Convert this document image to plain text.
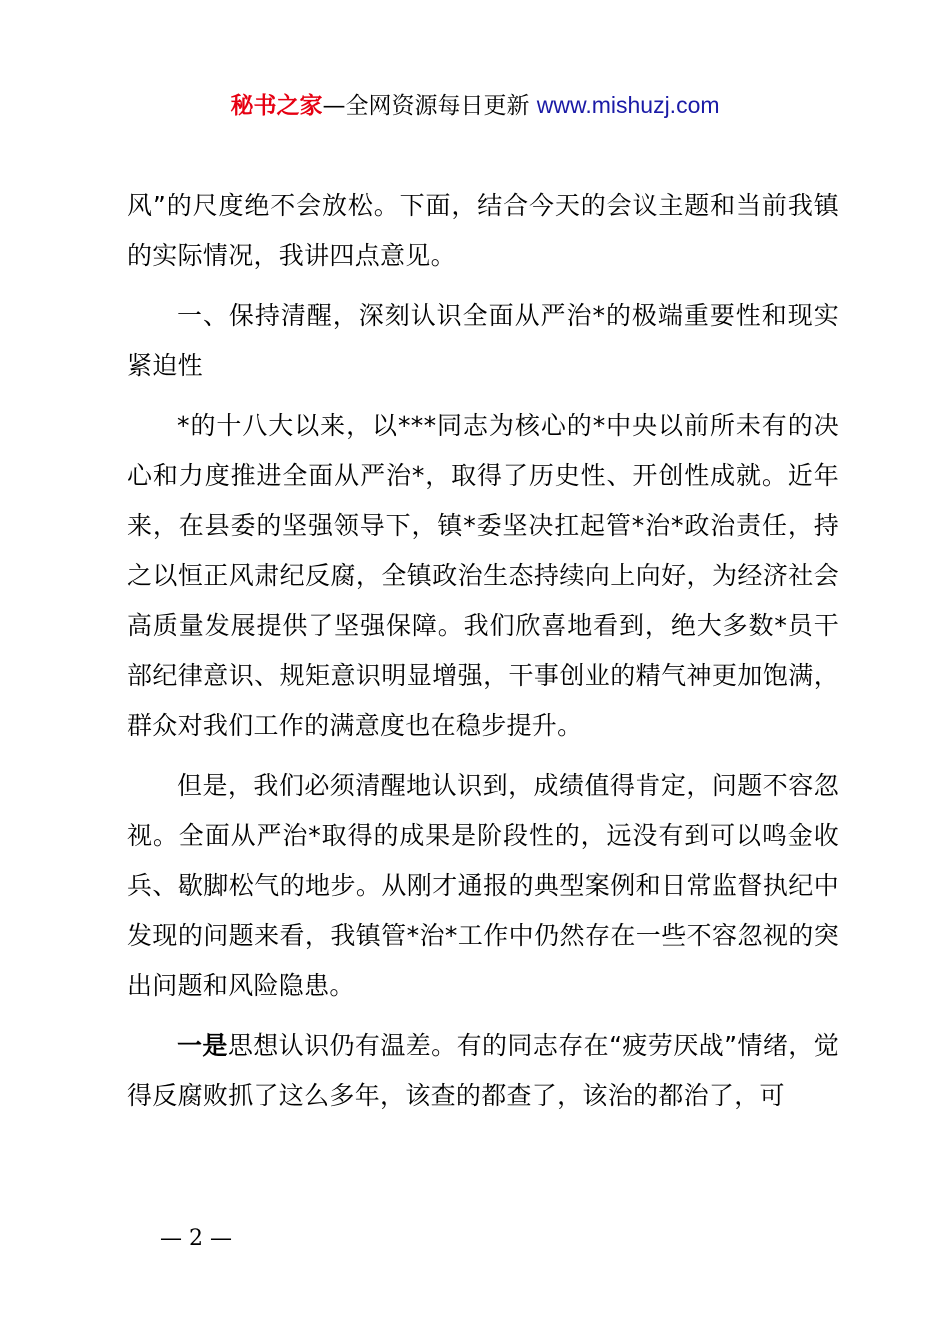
秘书之家—全网资源每日更新 www.mishuzj.com

风”的尺度绝不会放松。下面，结合今天的会议主题和当前我镇的实际情况，我讲四点意见。

一、保持清醒，深刻认识全面从严治*的极端重要性和现实紧迫性

*的十八大以来，以***同志为核心的*中央以前所未有的决心和力度推进全面从严治*，取得了历史性、开创性成就。近年来，在县委的坚强领导下，镇*委坚决扛起管*治*政治责任，持之以恒正风肃纪反腐，全镇政治生态持续向上向好，为经济社会高质量发展提供了坚强保障。我们欣喜地看到，绝大多数*员干部纪律意识、规矩意识明显增强，干事创业的精气神更加饱满，群众对我们工作的满意度也在稳步提升。

但是，我们必须清醒地认识到，成绩值得肯定，问题不容忽视。全面从严治*取得的成果是阶段性的，远没有到可以鸣金收兵、歇脚松气的地步。从刚才通报的典型案例和日常监督执纪中发现的问题来看，我镇管*治*工作中仍然存在一些不容忽视的突出问题和风险隐患。

一是思想认识仍有温差。有的同志存在“疲劳厌战”情绪，觉得反腐败抓了这么多年，该查的都查了，该治的都治了，可

— 2 —
